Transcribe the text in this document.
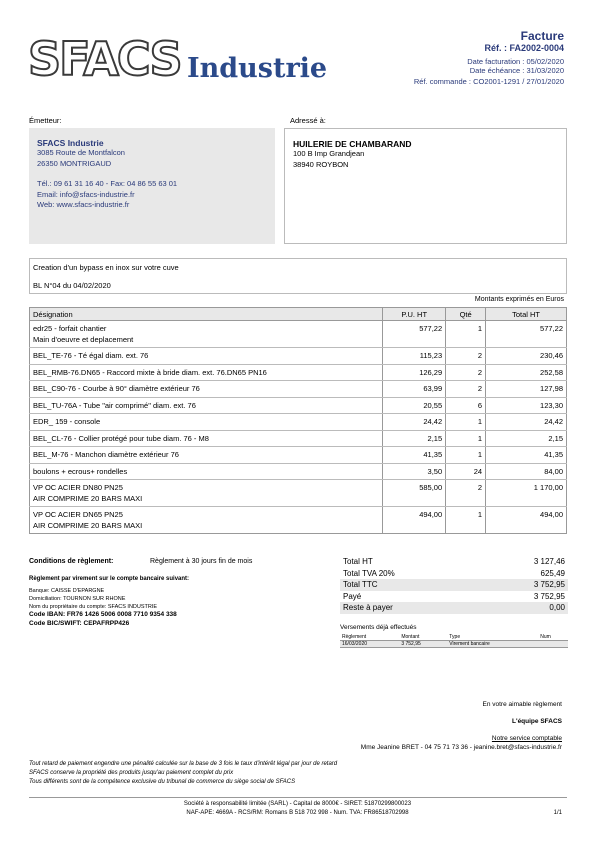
SFACS Industrie
Facture
Réf. : FA2002-0004
Date facturation : 05/02/2020
Date échéance : 31/03/2020
Réf. commande : CO2001-1291 / 27/01/2020
Émetteur:
SFACS Industrie
3085 Route de Montfalcon
26350 MONTRIGAUD
Tél.: 09 61 31 16 40 - Fax: 04 86 55 63 01
Email: info@sfacs-industrie.fr
Web: www.sfacs-industrie.fr
Adressé à:
HUILERIE DE CHAMBARAND
100 B Imp Grandjean
38940 ROYBON
Creation d'un bypass en inox sur votre cuve
BL N°04 du 04/02/2020
Montants exprimés en Euros
Désignation	P.U. HT	Qté	Total HT

edr25 - forfait chantier
Main d'oeuvre et deplacement	577,22	1	577,22

BEL_TE-76 - Té égal diam. ext. 76	115,23	2	230,46

BEL_RMB-76.DN65 - Raccord mixte à bride diam. ext. 76.DN65 PN16	126,29	2	252,58

BEL_C90-76 - Courbe à 90° diamètre extérieur 76	63,99	2	127,98

BEL_TU-76A - Tube "air comprimé" diam. ext. 76	20,55	6	123,30

EDR_ 159 - console	24,42	1	24,42

BEL_CL-76 - Collier protégé pour tube diam. 76 - M8	2,15	1	2,15

BEL_M-76 - Manchon diamètre extérieur 76	41,35	1	41,35

boulons + ecrous+ rondelles	3,50	24	84,00

VP OC ACIER DN80 PN25
AIR COMPRIME 20 BARS MAXI	585,00	2	1 170,00

VP OC ACIER DN65 PN25
AIR COMPRIME 20 BARS MAXI	494,00	1	494,00
Conditions de règlement:	Règlement à 30 jours fin de mois
Règlement par virement sur le compte bancaire suivant:
Banque: CAISSE D'EPARGNE
Domiciliation: TOURNON SUR RHONE
Nom du propriétaire du compte: SFACS INDUSTRIE
Code IBAN: FR76 1426 5006 0008 7710 9354 338
Code BIC/SWIFT: CEPAFRPP426
Total HT	3 127,46
Total TVA 20%	625,49
Total TTC	3 752,95
Payé	3 752,95
Reste à payer	0,00
Versements déjà effectués
Règlement	Montant	Type	Num
16/03/2020	3 752,95	Virement bancaire	
En votre aimable règlement
L'équipe SFACS
Notre service comptable
Mme Jeanine BRET - 04 75 71 73 36 - jeanine.bret@sfacs-industrie.fr
Tout retard de paiement engendre une pénalité calculée sur la base de 3 fois le taux d'intérêt légal par jour de retard
SFACS conserve la propriété des produits jusqu'au paiement complet du prix
Tous différents sont de la compétence exclusive du tribunal de commerce du siège social de SFACS
Société à responsabilité limitée (SARL) - Capital de 8000€ - SIRET: 51870299800023
NAF-APE: 4669A - RCS/RM: Romans B 518 702 998 - Num. TVA: FR86518702998	1/1
